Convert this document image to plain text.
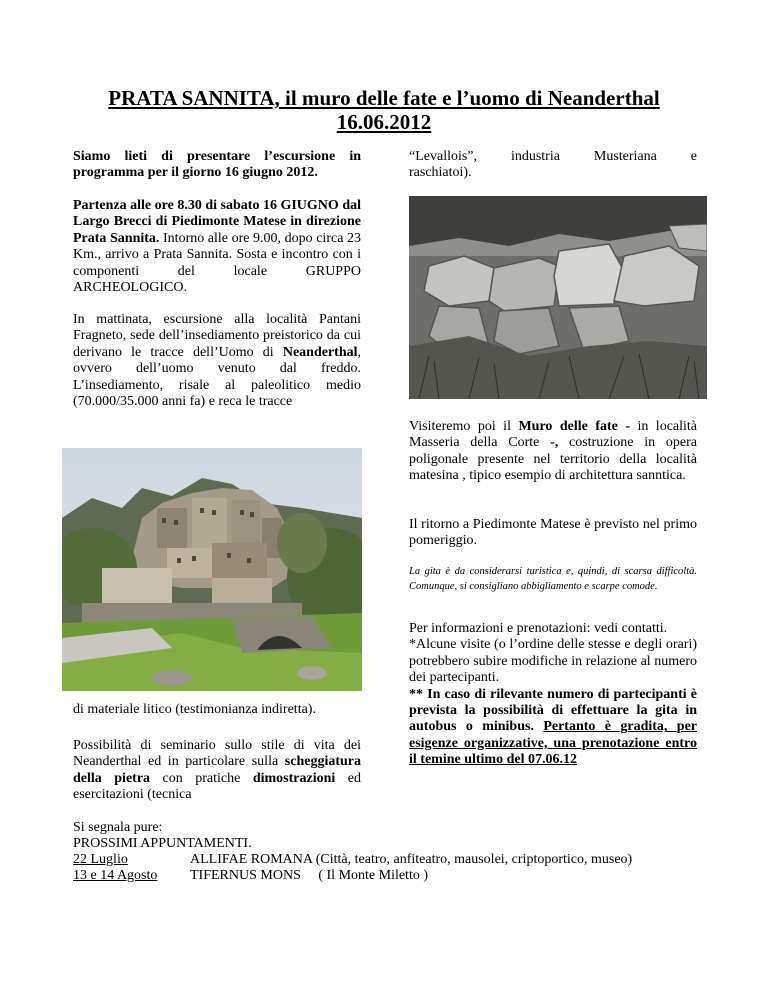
PRATA SANNITA, il muro delle fate e l’uomo di Neanderthal
16.06.2012
Siamo lieti di presentare l’escursione in programma per il giorno 16 giugno 2012.
Partenza alle ore 8.30 di sabato 16 GIUGNO dal Largo Brecci di Piedimonte Matese in direzione Prata Sannita. Intorno alle ore 9.00, dopo circa 23 Km., arrivo a Prata Sannita. Sosta e incontro con i componenti del locale GRUPPO ARCHEOLOGICO.
In mattinata, escursione alla località Pantani Fragneto, sede dell’insediamento preistorico da cui derivano le tracce dell’Uomo di Neanderthal, ovvero dell’uomo venuto dal freddo. L’insediamento, risale al paleolitico medio (70.000/35.000 anni fa) e reca le tracce
di materiale litico (testimonianza indiretta).
Possibilità di seminario sullo stile di vita dei Neanderthal ed in particolare sulla scheggiatura della pietra con pratiche dimostrazioni ed esercitazioni (tecnica
“Levallois”, industria Musteriana e raschiatoi).
Visiteremo poi il Muro delle fate - in località Masseria della Corte -, costruzione in opera poligonale presente nel territorio della località matesina , tipico esempio di architettura sanntica.
Il ritorno a Piedimonte Matese è previsto nel primo pomeriggio.
La gita è da considerarsi turistica e, quindi, di scarsa difficoltà. Comunque, si consigliano abbigliamento e scarpe comode.

Per informazioni e prenotazioni: vedi contatti.

*Alcune visite (o l’ordine delle stesse e degli orari) potrebbero subire modifiche in relazione al numero dei partecipanti.

** In caso di rilevante numero di partecipanti è prevista la possibilità di effettuare la gita in autobus o minibus. Pertanto è gradita, per esigenze organizzative, una prenotazione entro il temine ultimo del 07.06.12

Si segnala pure:
PROSSIMI APPUNTAMENTI.
22 Luglio	ALLIFAE ROMANA (Città, teatro, anfiteatro, mausolei, criptoportico, museo)
13 e 14 Agosto TIFERNUS MONS     ( Il Monte Miletto )
